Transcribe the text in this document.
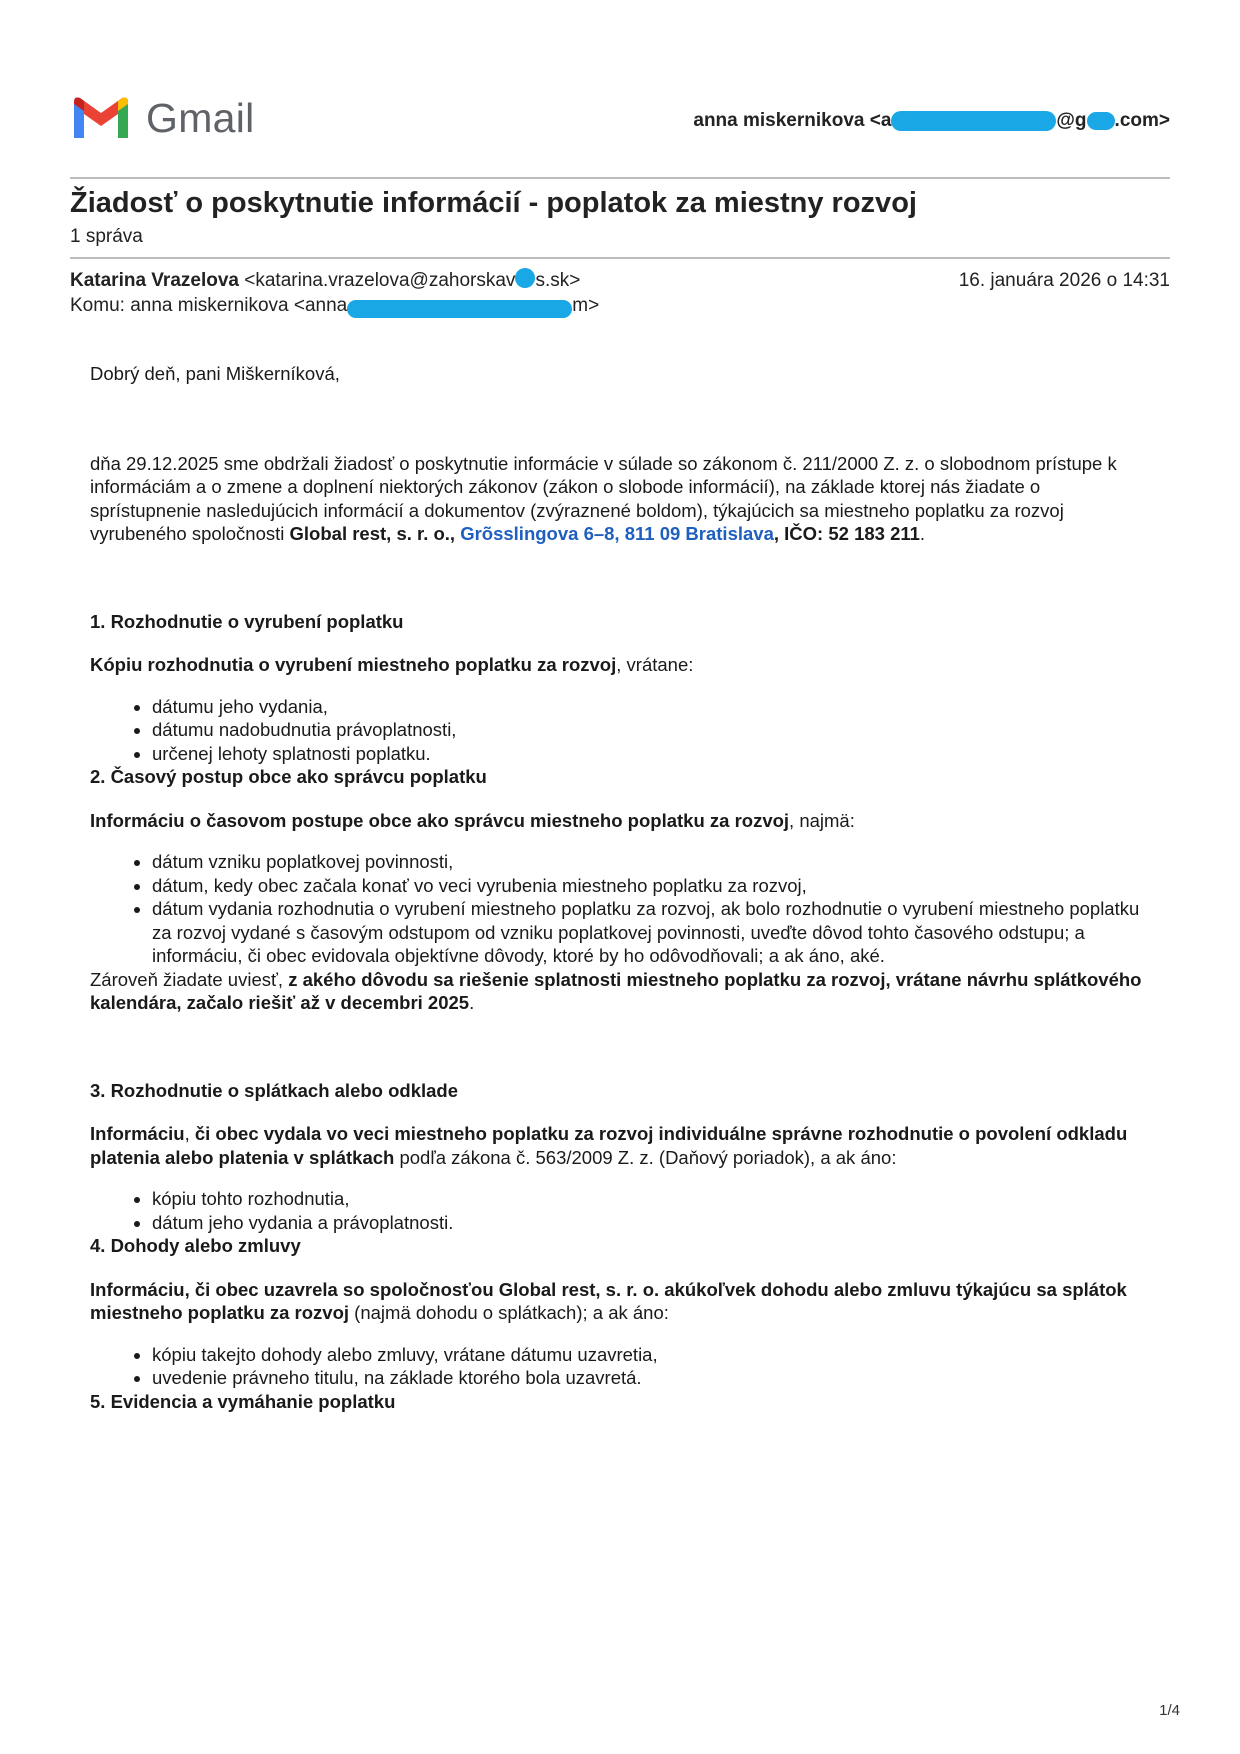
Gmail	anna miskernikova <a	@g .com>
Žiadosť o poskytnutie informácií - poplatok za miestny rozvoj
1 správa
Katarina Vrazelova <katarina.vrazelova@zahorskav s.sk>	16. januára 2026 o 14:31
Komu: anna miskernikova <anna	m>

Dobrý deň, pani Miškerníková,

dňa 29.12.2025 sme obdržali žiadosť o poskytnutie informácie v súlade so zákonom č. 211/2000 Z. z. o slobodnom prístupe k informáciám a o zmene a doplnení niektorých zákonov (zákon o slobode informácií), na základe ktorej nás žiadate o sprístupnenie nasledujúcich informácií a dokumentov (zvýraznené boldom), týkajúcich sa miestneho poplatku za rozvoj vyrubeného spoločnosti Global rest, s. r. o., Grõsslingova 6–8, 811 09 Bratislava, IČO: 52 183 211.

1. Rozhodnutie o vyrubení poplatku

Kópiu rozhodnutia o vyrubení miestneho poplatku za rozvoj, vrátane:

• dátumu jeho vydania,
• dátumu nadobudnutia právoplatnosti,
• určenej lehoty splatnosti poplatku.

2. Časový postup obce ako správcu poplatku

Informáciu o časovom postupe obce ako správcu miestneho poplatku za rozvoj, najmä:

• dátum vzniku poplatkovej povinnosti,
• dátum, kedy obec začala konať vo veci vyrubenia miestneho poplatku za rozvoj,
• dátum vydania rozhodnutia o vyrubení miestneho poplatku za rozvoj, ak bolo rozhodnutie o vyrubení miestneho poplatku za rozvoj vydané s časovým odstupom od vzniku poplatkovej povinnosti, uveďte dôvod tohto časového odstupu; a informáciu, či obec evidovala objektívne dôvody, ktoré by ho odôvodňovali; a ak áno, aké.

Zároveň žiadate uviesť, z akého dôvodu sa riešenie splatnosti miestneho poplatku za rozvoj, vrátane návrhu splátkového kalendára, začalo riešiť až v decembri 2025.

3. Rozhodnutie o splátkach alebo odklade

Informáciu, či obec vydala vo veci miestneho poplatku za rozvoj individuálne správne rozhodnutie o povolení odkladu platenia alebo platenia v splátkach podľa zákona č. 563/2009 Z. z. (Daňový poriadok), a ak áno:

• kópiu tohto rozhodnutia,
• dátum jeho vydania a právoplatnosti.

4. Dohody alebo zmluvy

Informáciu, či obec uzavrela so spoločnosťou Global rest, s. r. o. akúkoľvek dohodu alebo zmluvu týkajúcu sa splátok miestneho poplatku za rozvoj (najmä dohodu o splátkach); a ak áno:

• kópiu takejto dohody alebo zmluvy, vrátane dátumu uzavretia,
• uvedenie právneho titulu, na základe ktorého bola uzavretá.

5. Evidencia a vymáhanie poplatku

1/4
